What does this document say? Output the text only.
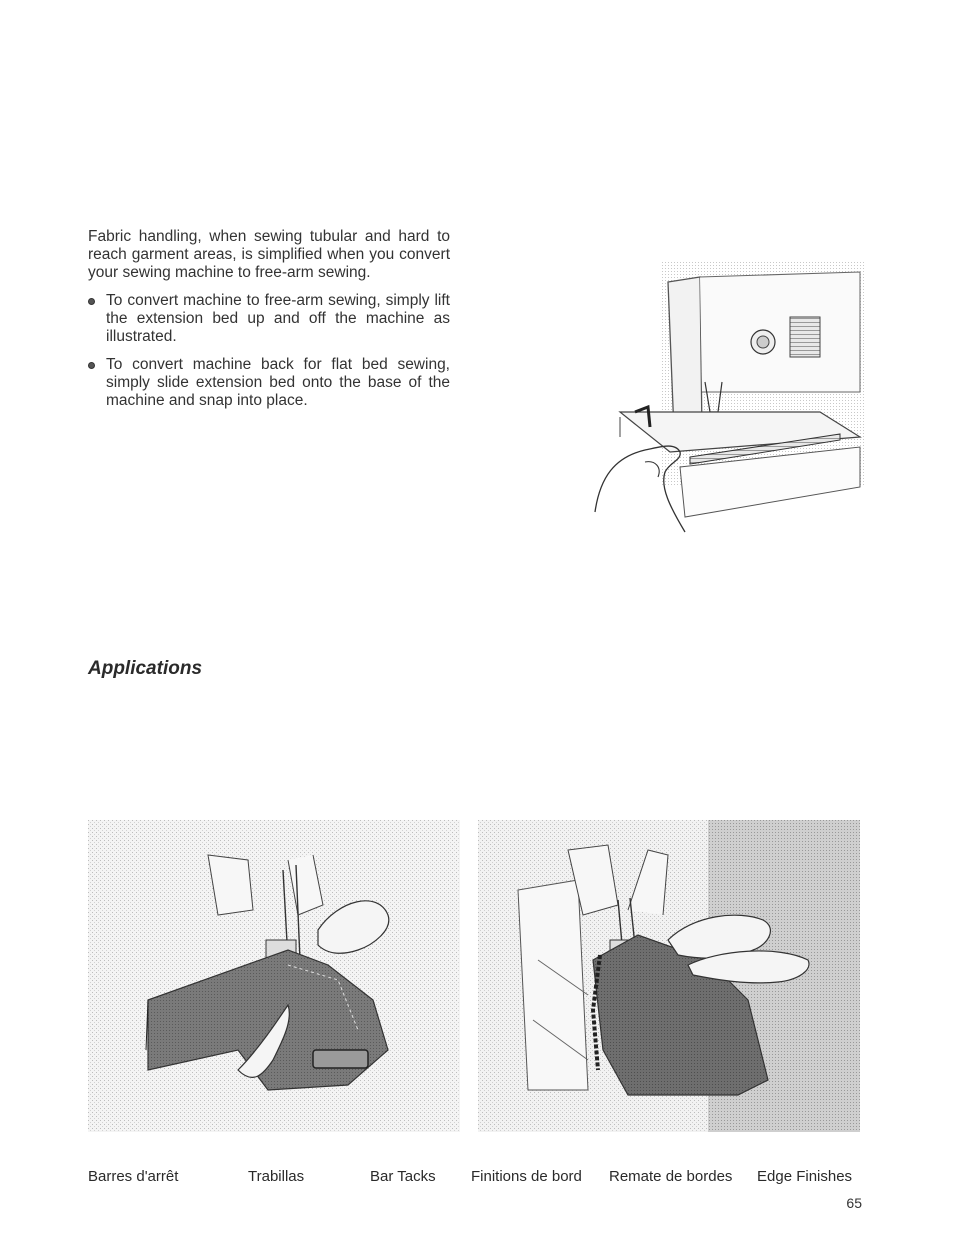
Fabric handling, when sewing tubular and hard to reach garment areas, is simplified when you convert your sewing machine to free-arm sewing.

To convert machine to free-arm sewing, simply lift the extension bed up and off the machine as illustrated.
To convert machine back for flat bed sewing, simply slide extension bed onto the base of the machine and snap into place.
Applications
Barres d'arrêt	Trabillas	Bar Tacks Finitions de bord Remate de bordes Edge Finishes
65
